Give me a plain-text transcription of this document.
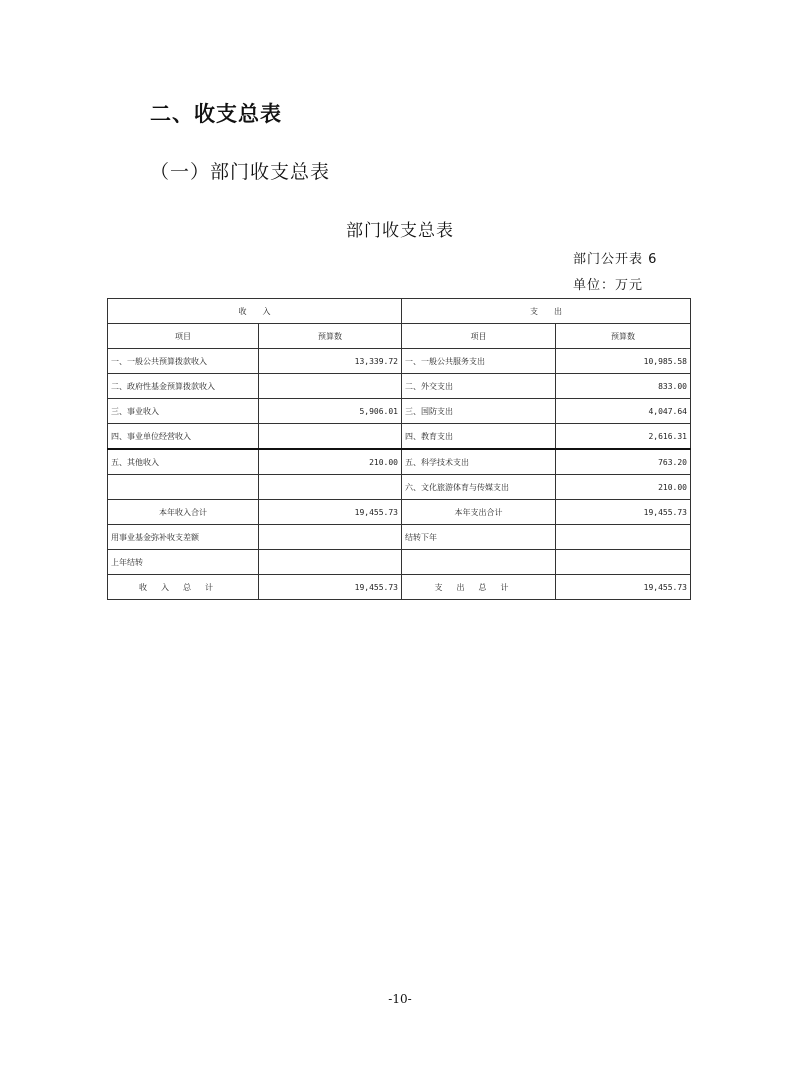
二、收支总表
（一）部门收支总表
部门收支总表
部门公开表 6
单位：万元
收　　入		支　　出	
项目	预算数	项目	预算数
一、一般公共预算拨款收入	13,339.72	一、一般公共服务支出	10,985.58
二、政府性基金预算拨款收入		二、外交支出	833.00
三、事业收入	5,906.01	三、国防支出	4,047.64
四、事业单位经营收入		四、教育支出	2,616.31
五、其他收入	210.00	五、科学技术支出	763.20
		六、文化旅游体育与传媒支出	210.00
本年收入合计	19,455.73	本年支出合计	19,455.73
用事业基金弥补收支差额		结转下年	
上年结转			
收入总计	19,455.73	支出总计	19,455.73
-10-
